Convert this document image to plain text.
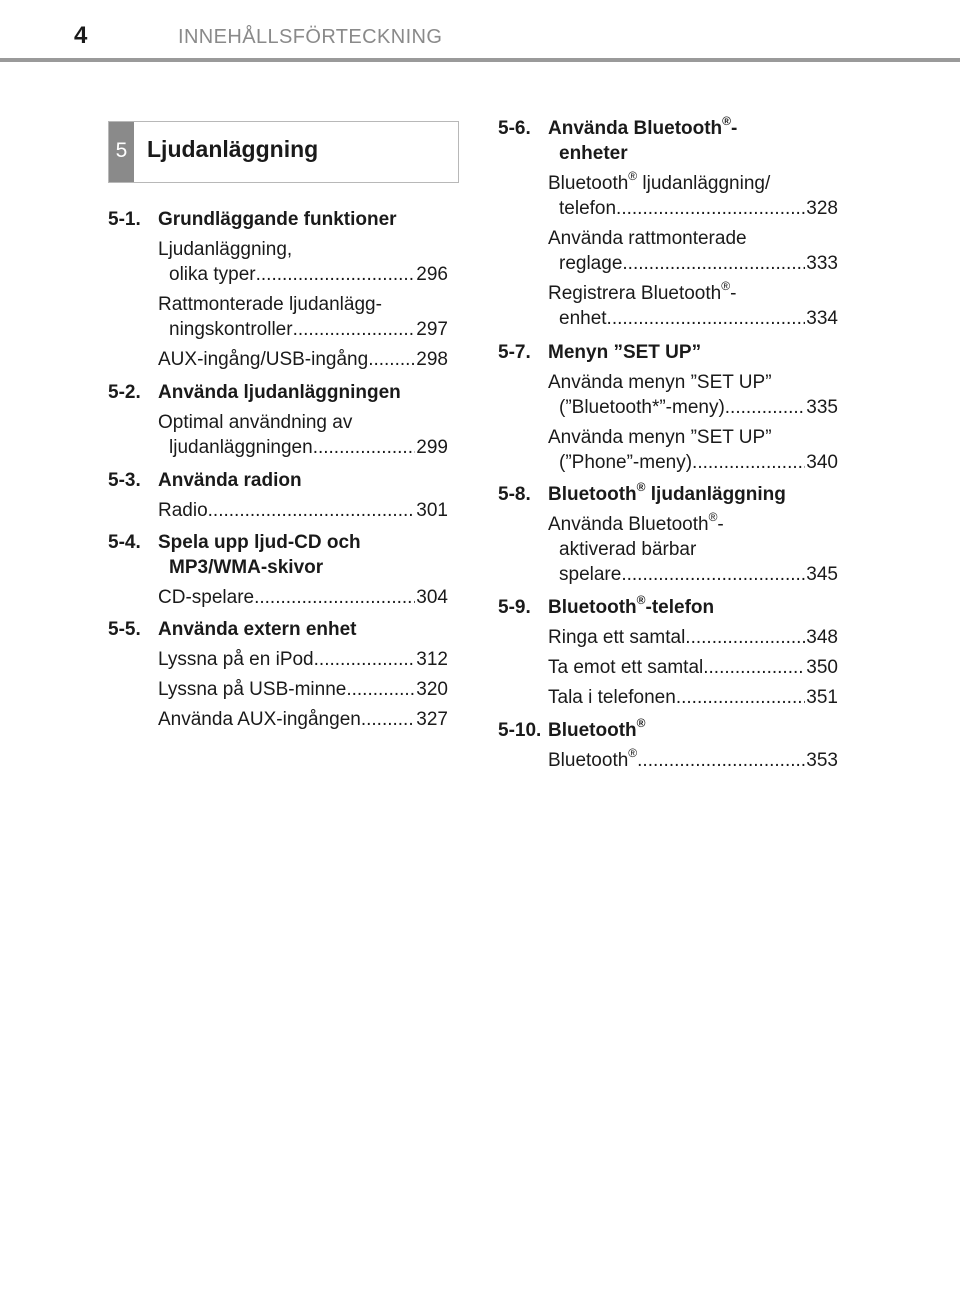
4	INNEHÅLLSFÖRTECKNING
5 Ljudanläggning
5-1. Grundläggande funktioner
Ljudanläggning,
olika typer .....	296
Rattmonterade ljudanlägg-
ningskontroller .....	297
AUX-ingång/USB-ingång .....	298
5-2. Använda ljudanläggningen
Optimal användning av
ljudanläggningen .....	299
5-3. Använda radion
Radio .....	301
5-4. Spela upp ljud-CD och
MP3/WMA-skivor
CD-spelare .....	304
5-5. Använda extern enhet
Lyssna på en iPod .....	312
Lyssna på USB-minne .....	320
Använda AUX-ingången .....	327
5-6. Använda Bluetooth®-
enheter
Bluetooth® ljudanläggning/
telefon .....	328
Använda rattmonterade
reglage .....	333
Registrera Bluetooth®-
enhet .....	334
5-7. Menyn ”SET UP”
Använda menyn ”SET UP”
(”Bluetooth*”-meny) .....	335
Använda menyn ”SET UP”
(”Phone”-meny) .....	340
5-8. Bluetooth® ljudanläggning
Använda Bluetooth®-
aktiverad bärbar
spelare .....	345
5-9. Bluetooth®-telefon
Ringa ett samtal .....	348
Ta emot ett samtal .....	350
Tala i telefonen .....	351
5-10. Bluetooth®
Bluetooth® .....	353
